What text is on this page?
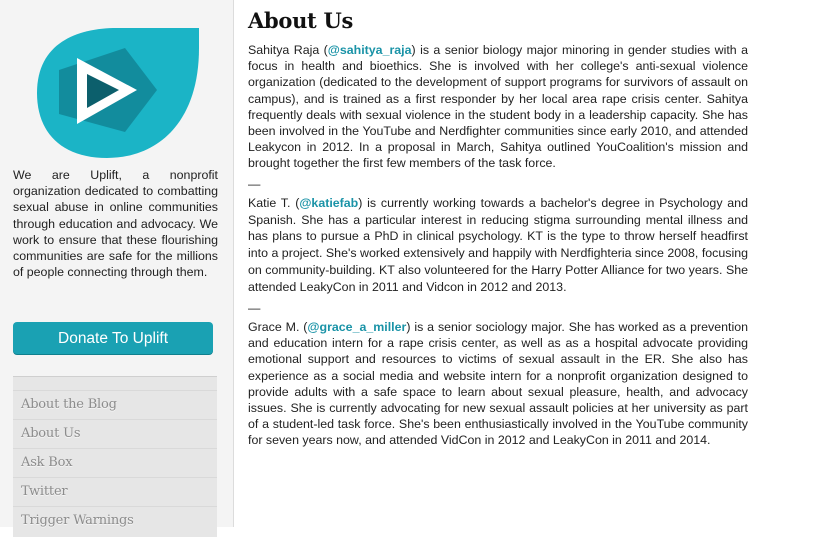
We are Uplift, a nonprofit organization dedicated to combatting sexual abuse in online communities through education and advocacy. We work to ensure that these flourishing communities are safe for the millions of people connecting through them.

Donate To Uplift
About the Blog
About Us
Ask Box
Twitter
Trigger Warnings
About Us

Sahitya Raja (@sahitya_raja) is a senior biology major minoring in gender studies with a focus in health and bioethics. She is involved with her college's anti-sexual violence organization (dedicated to the development of support programs for survivors of assault on campus), and is trained as a first responder by her local area rape crisis center. Sahitya frequently deals with sexual violence in the student body in a leadership capacity. She has been involved in the YouTube and Nerdfighter communities since early 2010, and attended Leakycon in 2012. In a proposal in March, Sahitya outlined YouCoalition's mission and brought together the first few members of the task force.

—

Katie T. (@katiefab) is currently working towards a bachelor's degree in Psychology and Spanish. She has a particular interest in reducing stigma surrounding mental illness and has plans to pursue a PhD in clinical psychology. KT is the type to throw herself headfirst into a project. She's worked extensively and happily with Nerdfighteria since 2008, focusing on community-building. KT also volunteered for the Harry Potter Alliance for two years. She attended LeakyCon in 2011 and Vidcon in 2012 and 2013.

—

Grace M. (@grace_a_miller) is a senior sociology major. She has worked as a prevention and education intern for a rape crisis center, as well as as a hospital advocate providing emotional support and resources to victims of sexual assault in the ER. She also has experience as a social media and website intern for a nonprofit organization designed to provide adults with a safe space to learn about sexual pleasure, health, and advocacy issues. She is currently advocating for new sexual assault policies at her university as part of a student-led task force. She's been enthusiastically involved in the YouTube community for seven years now, and attended VidCon in 2012 and LeakyCon in 2011 and 2014.
